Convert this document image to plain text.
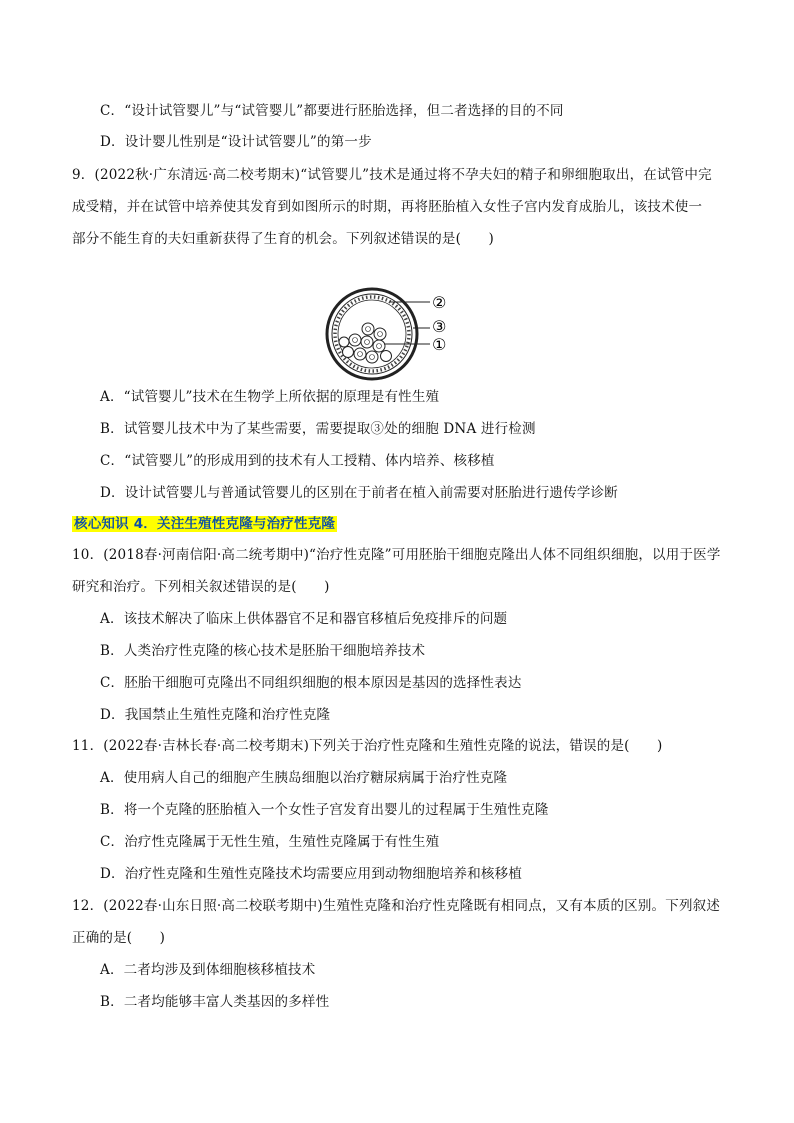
C．“设计试管婴儿”与“试管婴儿”都要进行胚胎选择，但二者选择的目的不同
D．设计婴儿性别是“设计试管婴儿”的第一步
9．(2022秋·广东清远·高二校考期末)“试管婴儿”技术是通过将不孕夫妇的精子和卵细胞取出，在试管中完
成受精，并在试管中培养使其发育到如图所示的时期，再将胚胎植入女性子宫内发育成胎儿，该技术使一
部分不能生育的夫妇重新获得了生育的机会。下列叙述错误的是(　　)
②
③
①
A．“试管婴儿”技术在生物学上所依据的原理是有性生殖
B．试管婴儿技术中为了某些需要，需要提取③处的细胞 DNA 进行检测
C．“试管婴儿”的形成用到的技术有人工授精、体内培养、核移植
D．设计试管婴儿与普通试管婴儿的区别在于前者在植入前需要对胚胎进行遗传学诊断
核心知识 4．关注生殖性克隆与治疗性克隆
10．(2018春·河南信阳·高二统考期中)“治疗性克隆”可用胚胎干细胞克隆出人体不同组织细胞，以用于医学
研究和治疗。下列相关叙述错误的是(　　)
A．该技术解决了临床上供体器官不足和器官移植后免疫排斥的问题
B．人类治疗性克隆的核心技术是胚胎干细胞培养技术
C．胚胎干细胞可克隆出不同组织细胞的根本原因是基因的选择性表达
D．我国禁止生殖性克隆和治疗性克隆
11．(2022春·吉林长春·高二校考期末)下列关于治疗性克隆和生殖性克隆的说法，错误的是(　　)
A．使用病人自己的细胞产生胰岛细胞以治疗糖尿病属于治疗性克隆
B．将一个克隆的胚胎植入一个女性子宫发育出婴儿的过程属于生殖性克隆
C．治疗性克隆属于无性生殖，生殖性克隆属于有性生殖
D．治疗性克隆和生殖性克隆技术均需要应用到动物细胞培养和核移植
12．(2022春·山东日照·高二校联考期中)生殖性克隆和治疗性克隆既有相同点，又有本质的区别。下列叙述
正确的是(　　)
A．二者均涉及到体细胞核移植技术
B．二者均能够丰富人类基因的多样性
